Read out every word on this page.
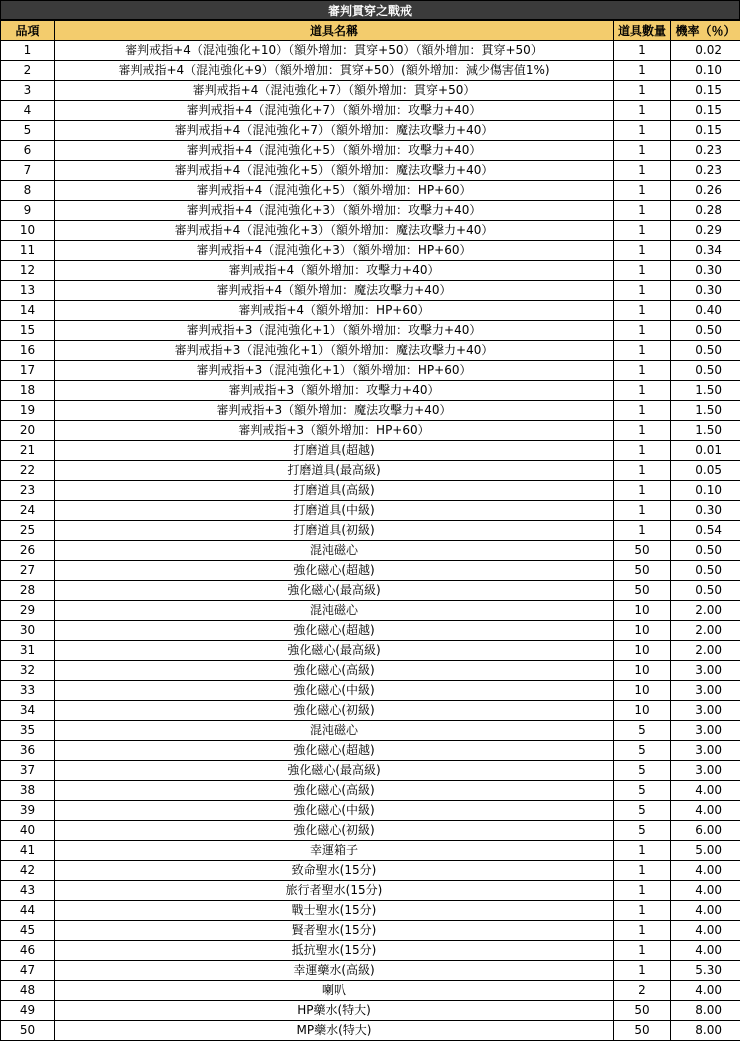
審判貫穿之戰戒
品項	道具名稱	道具數量	機率（％）
1	審判戒指+4（混沌強化+10）（額外增加：貫穿+50）（額外增加：貫穿+50）	1	0.02
2	審判戒指+4（混沌強化+9）（額外增加：貫穿+50）(額外增加：減少傷害值1%)	1	0.10
3	審判戒指+4（混沌強化+7）（額外增加：貫穿+50）	1	0.15
4	審判戒指+4（混沌強化+7）（額外增加：攻擊力+40）	1	0.15
5	審判戒指+4（混沌強化+7）（額外增加：魔法攻擊力+40）	1	0.15
6	審判戒指+4（混沌強化+5）（額外增加：攻擊力+40）	1	0.23
7	審判戒指+4（混沌強化+5）（額外增加：魔法攻擊力+40）	1	0.23
8	審判戒指+4（混沌強化+5）（額外增加：HP+60）	1	0.26
9	審判戒指+4（混沌強化+3）（額外增加：攻擊力+40）	1	0.28
10	審判戒指+4（混沌強化+3）（額外增加：魔法攻擊力+40）	1	0.29
11	審判戒指+4（混沌強化+3）（額外增加：HP+60）	1	0.34
12	審判戒指+4（額外增加：攻擊力+40）	1	0.30
13	審判戒指+4（額外增加：魔法攻擊力+40）	1	0.30
14	審判戒指+4（額外增加：HP+60）	1	0.40
15	審判戒指+3（混沌強化+1）（額外增加：攻擊力+40）	1	0.50
16	審判戒指+3（混沌強化+1）（額外增加：魔法攻擊力+40）	1	0.50
17	審判戒指+3（混沌強化+1）（額外增加：HP+60）	1	0.50
18	審判戒指+3（額外增加：攻擊力+40）	1	1.50
19	審判戒指+3（額外增加：魔法攻擊力+40）	1	1.50
20	審判戒指+3（額外增加：HP+60）	1	1.50
21	打磨道具(超越)	1	0.01
22	打磨道具(最高級)	1	0.05
23	打磨道具(高級)	1	0.10
24	打磨道具(中級)	1	0.30
25	打磨道具(初級)	1	0.54
26	混沌磁心	50	0.50
27	強化磁心(超越)	50	0.50
28	強化磁心(最高級)	50	0.50
29	混沌磁心	10	2.00
30	強化磁心(超越)	10	2.00
31	強化磁心(最高級)	10	2.00
32	強化磁心(高級)	10	3.00
33	強化磁心(中級)	10	3.00
34	強化磁心(初級)	10	3.00
35	混沌磁心	5	3.00
36	強化磁心(超越)	5	3.00
37	強化磁心(最高級)	5	3.00
38	強化磁心(高級)	5	4.00
39	強化磁心(中級)	5	4.00
40	強化磁心(初級)	5	6.00
41	幸運箱子	1	5.00
42	致命聖水(15分)	1	4.00
43	旅行者聖水(15分)	1	4.00
44	戰士聖水(15分)	1	4.00
45	賢者聖水(15分)	1	4.00
46	抵抗聖水(15分)	1	4.00
47	幸運藥水(高級)	1	5.30
48	喇叭	2	4.00
49	HP藥水(特大)	50	8.00
50	MP藥水(特大)	50	8.00
